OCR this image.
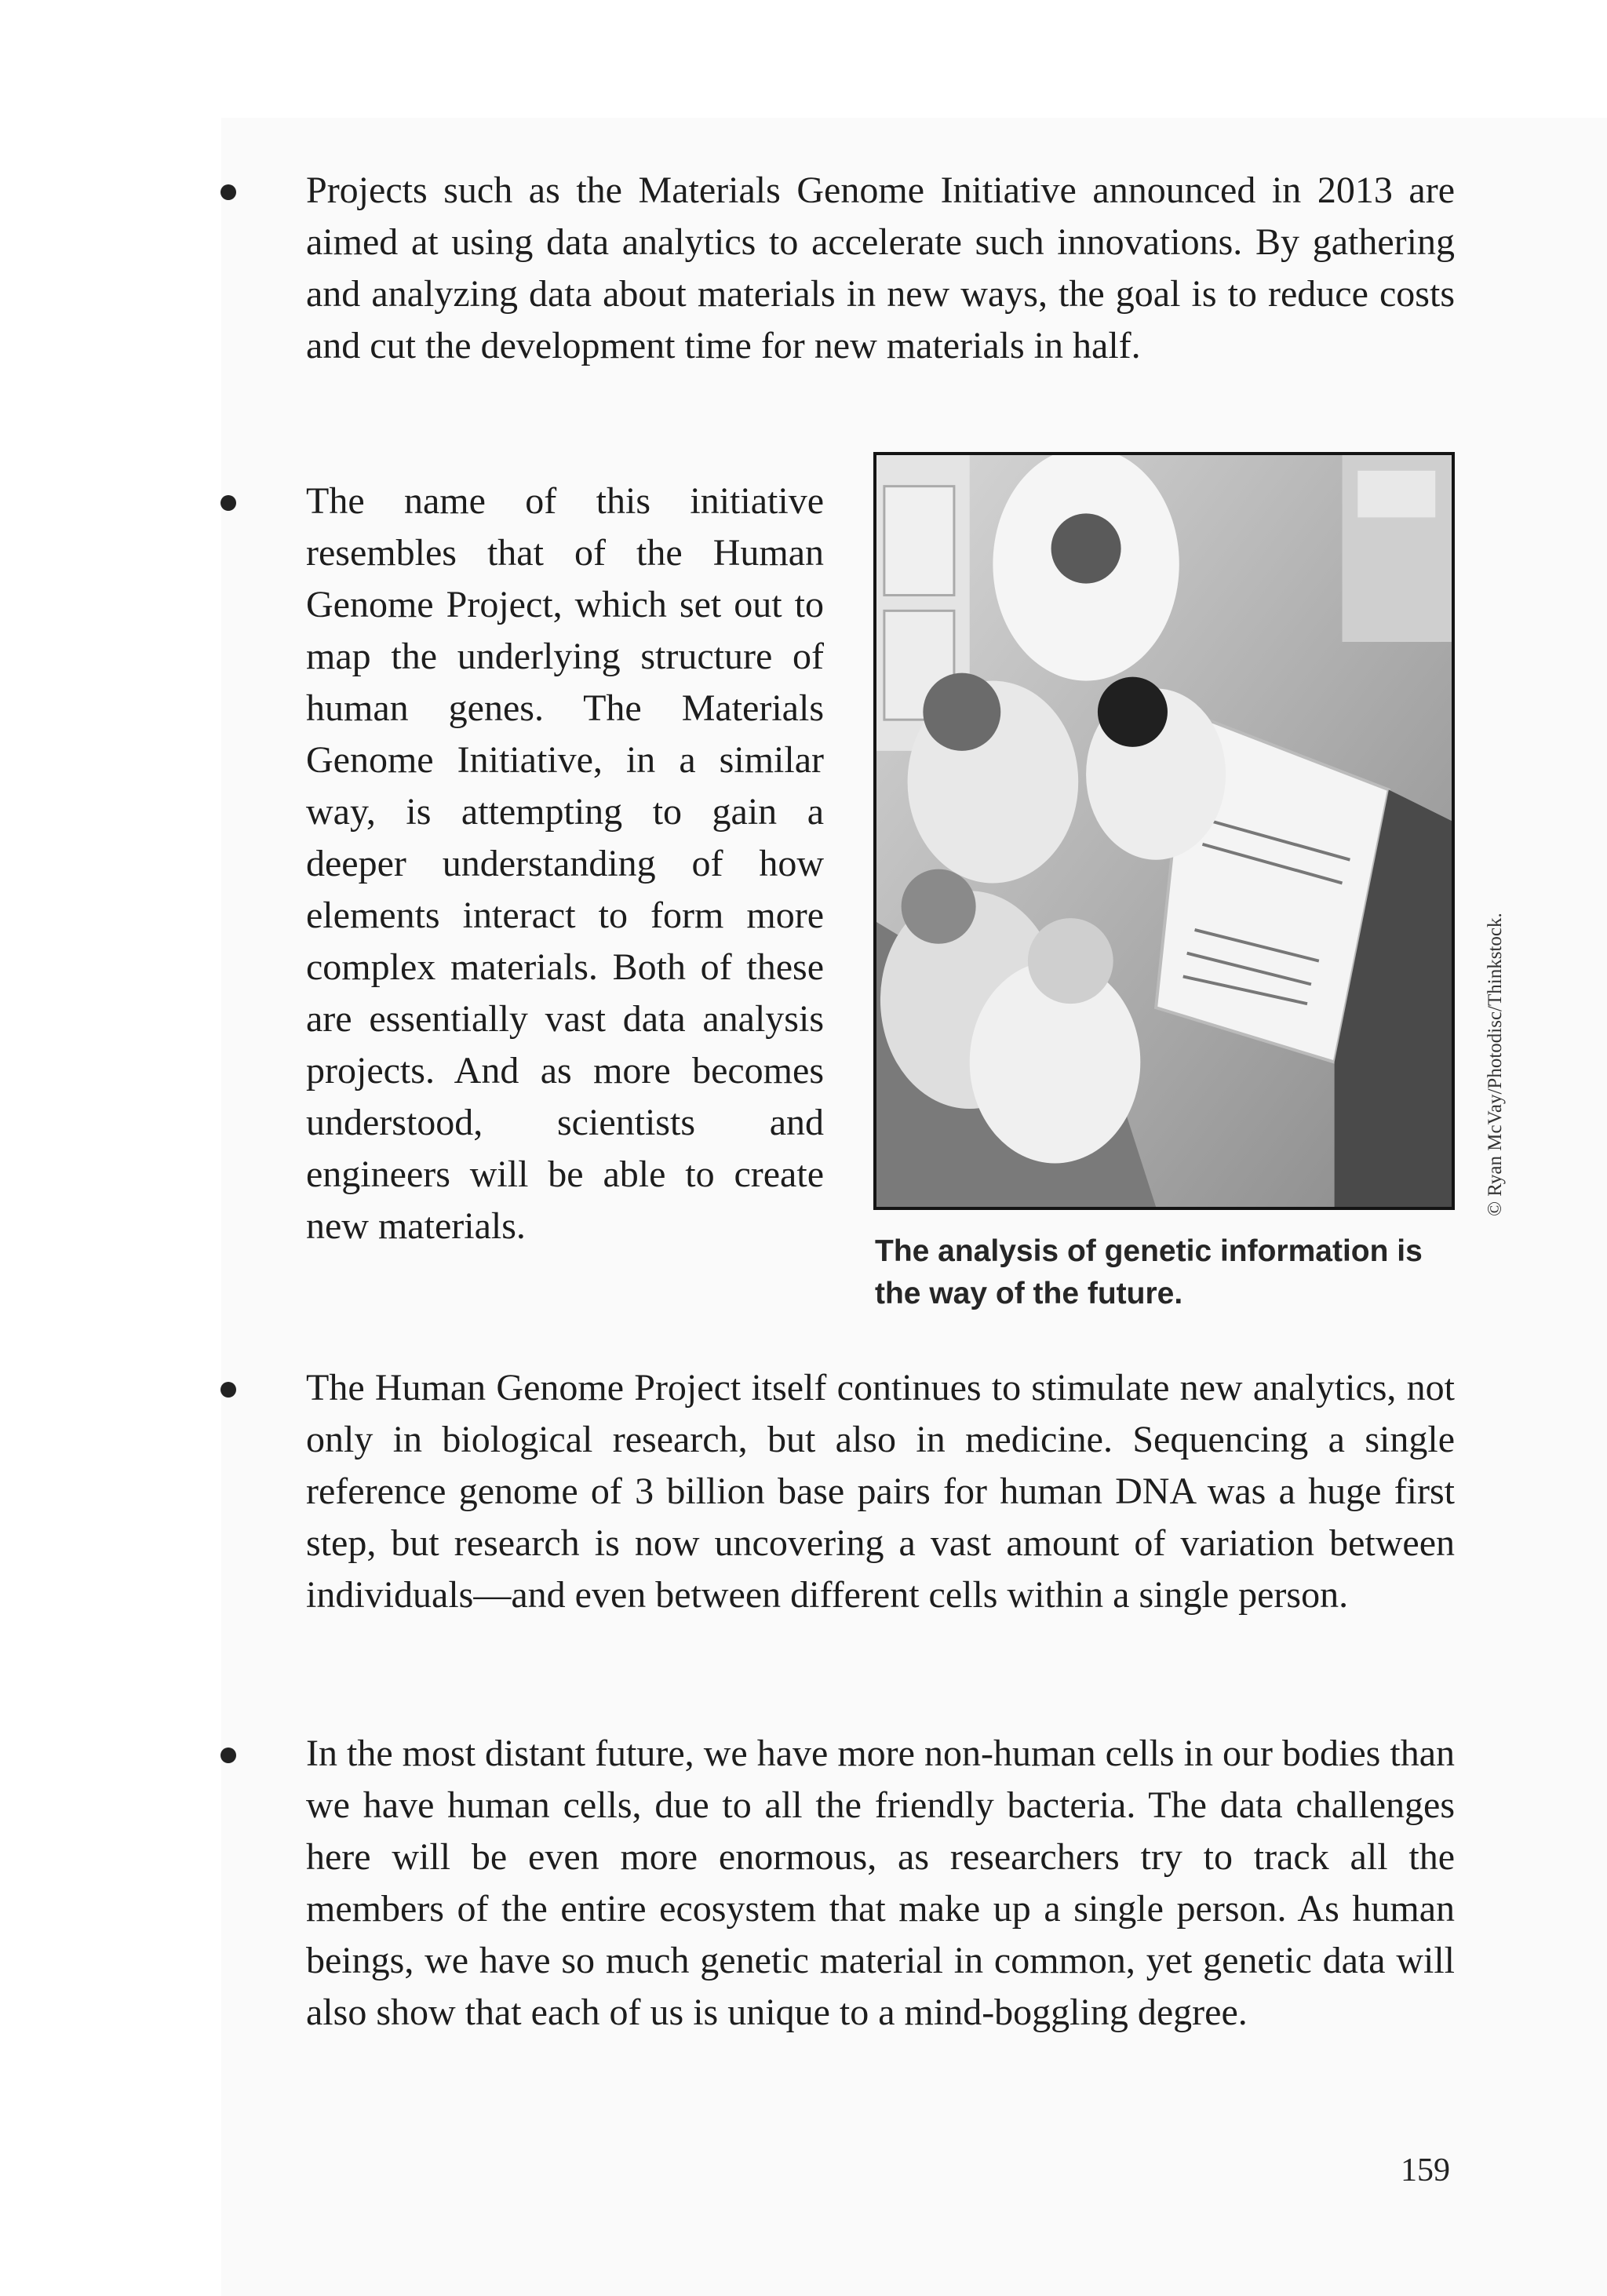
Projects such as the Materials Genome Initiative announced in 2013 are aimed at using data analytics to accelerate such innovations. By gathering and analyzing data about materials in new ways, the goal is to reduce costs and cut the development time for new materials in half.

The name of this initiative resembles that of the Human Genome Project, which set out to map the underlying structure of human genes. The Materials Genome Initiative, in a similar way, is attempting to gain a deeper understanding of how elements interact to form more complex materials. Both of these are essentially vast data analysis projects. And as more becomes understood, scientists and engineers will be able to create new materials.

© Ryan McVay/Photodisc/Thinkstock.
The analysis of genetic information is the way of the future.

The Human Genome Project itself continues to stimulate new analytics, not only in biological research, but also in medicine. Sequencing a single reference genome of 3 billion base pairs for human DNA was a huge first step, but research is now uncovering a vast amount of variation between individuals—and even between different cells within a single person.

In the most distant future, we have more non-human cells in our bodies than we have human cells, due to all the friendly bacteria. The data challenges here will be even more enormous, as researchers try to track all the members of the entire ecosystem that make up a single person. As human beings, we have so much genetic material in common, yet genetic data will also show that each of us is unique to a mind-boggling degree.

159
